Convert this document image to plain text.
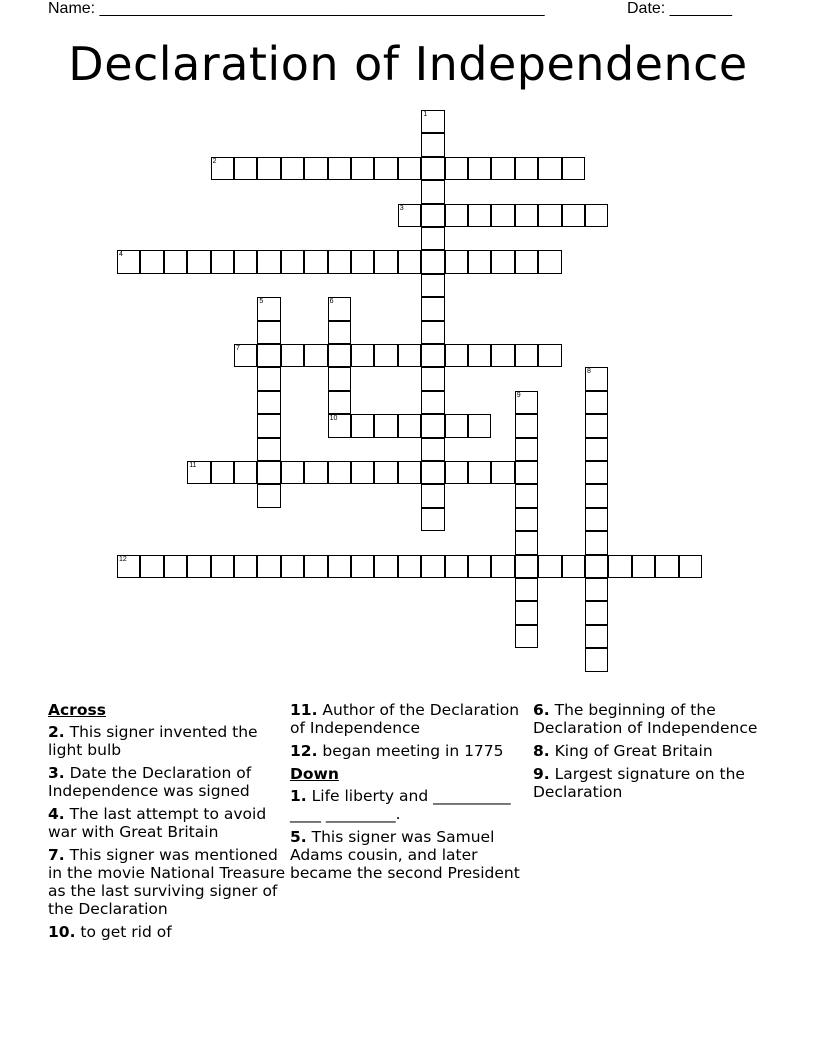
Name: __________________________________________________	Date: _______
Declaration of Independence
1
2
3
4
5	6
10
7
8
9
11
12
Across
2. This signer invented the light bulb
3. Date the Declaration of Independence was signed
4. The last attempt to avoid war with Great Britain
7. This signer was mentioned in the movie National Treasure as the last surviving signer of the Declaration
10. to get rid of
11. Author of the Declaration of Independence
12. began meeting in 1775
Down
1. Life liberty and __________ ____ _________.
5. This signer was Samuel Adams cousin, and later became the second President
6. The beginning of the Declaration of Independence
8. King of Great Britain
9. Largest signature on the Declaration
